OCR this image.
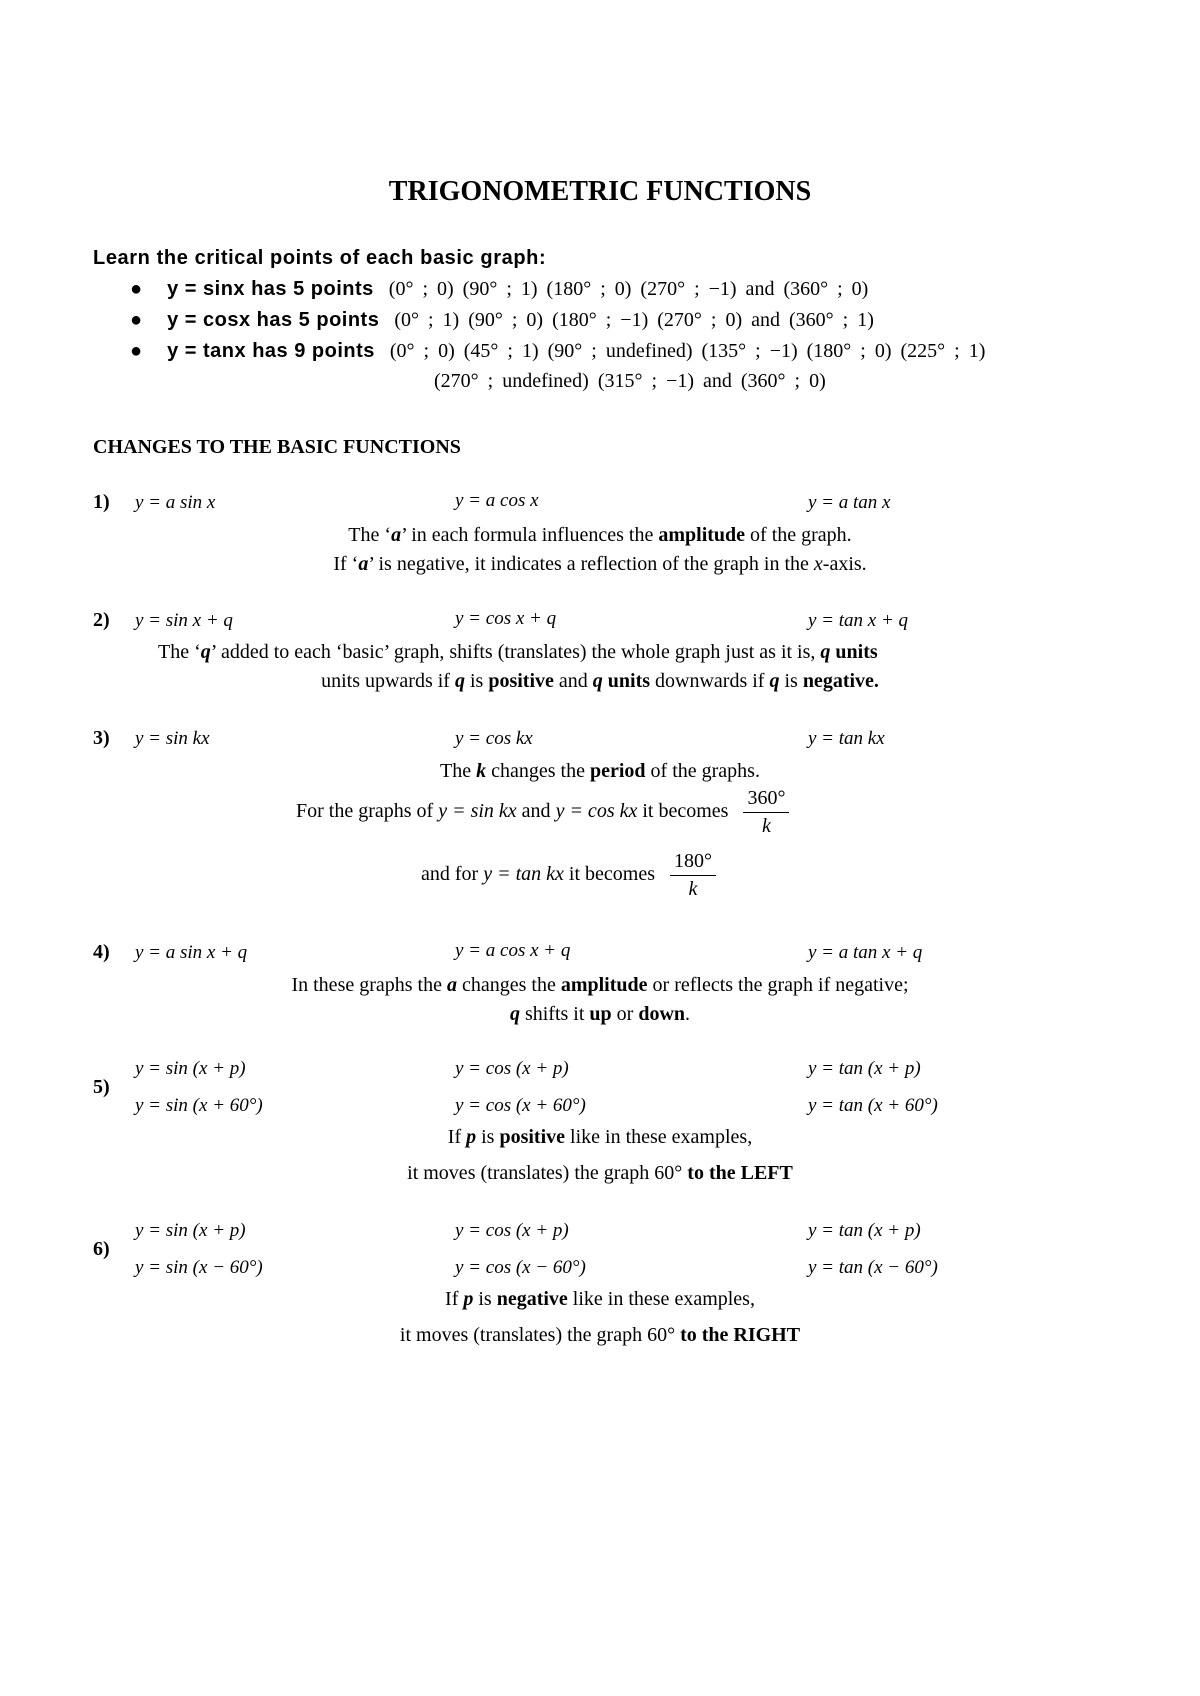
TRIGONOMETRIC FUNCTIONS
Learn the critical points of each basic graph:
● y = sinx has 5 points (0° ; 0) (90° ; 1) (180° ; 0) (270° ; −1) and (360° ; 0)
● y = cosx has 5 points (0° ; 1) (90° ; 0) (180° ; −1) (270° ; 0) and (360° ; 1)
● y = tanx has 9 points (0° ; 0) (45° ; 1) (90° ; undefined) (135° ; −1) (180° ; 0) (225° ; 1)
(270° ; undefined) (315° ; −1) and (360° ; 0)
CHANGES TO THE BASIC FUNCTIONS
1) y = a sin x	y = a cos x	y = a tan x
The ‘a’ in each formula influences the amplitude of the graph.
If ‘a’ is negative, it indicates a reflection of the graph in the x-axis.
2) y = sin x + q	y = cos x + q	y = tan x + q
The ‘q’ added to each ‘basic’ graph, shifts (translates) the whole graph just as it is, q units
units upwards if q is positive and q units downwards if q is negative.
3) y = sin kx	y = cos kx	y = tan kx
The k changes the period of the graphs.
For the graphs of y = sin kx and y = cos kx it becomes $\frac{360^\circ}{k}$
and for y = tan kx it becomes $\frac{180^\circ}{k}$
4) y = a sin x + q	y = a cos x + q	y = a tan x + q
In these graphs the a changes the amplitude or reflects the graph if negative;
q shifts it up or down.
5)
y = sin (x + p)	y = cos (x + p)	y = tan (x + p)
y = sin (x + 60°)	y = cos (x + 60°)	y = tan (x + 60°)
If p is positive like in these examples,
it moves (translates) the graph 60° to the LEFT
6)
y = sin (x + p)	y = cos (x + p)	y = tan (x + p)
y = sin (x − 60°)	y = cos (x − 60°)	y = tan (x − 60°)
If p is negative like in these examples,
it moves (translates) the graph 60° to the RIGHT
